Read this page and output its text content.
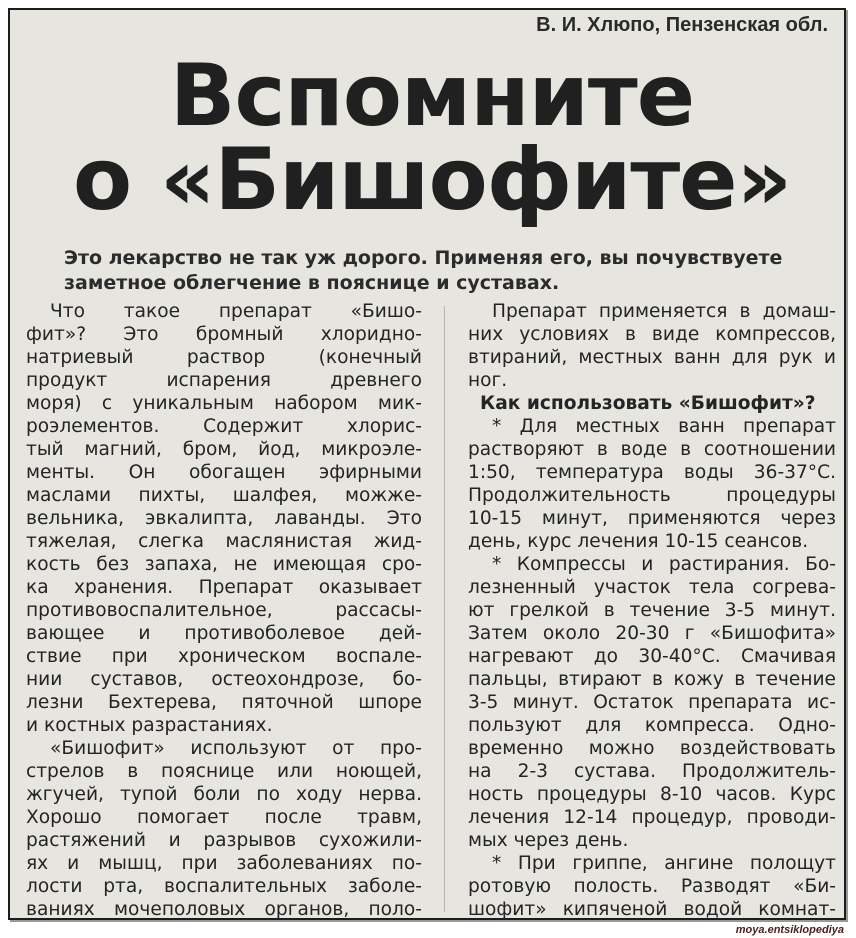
В. И. Хлюпо, Пензенская обл.
Вспомните
о «Бишофите»

Это лекарство не так уж дорого. Применяя его, вы почувствуете
заметное облегчение в пояснице и суставах.

Что такое препарат «Бишо-
фит»? Это бромный хлоридно-
натриевый раствор (конечный
продукт испарения древнего
моря) с уникальным набором мик-
роэлементов. Содержит хлорис-
тый магний, бром, йод, микроэле-
менты. Он обогащен эфирными
маслами пихты, шалфея, можже-
вельника, эвкалипта, лаванды. Это
тяжелая, слегка маслянистая жид-
кость без запаха, не имеющая сро-
ка хранения. Препарат оказывает
противовоспалительное, рассасы-
вающее и противоболевое дей-
ствие при хроническом воспале-
нии суставов, остеохондрозе, бо-
лезни Бехтерева, пяточной шпоре
и костных разрастаниях.
«Бишофит» используют от про-
стрелов в пояснице или ноющей,
жгучей, тупой боли по ходу нерва.
Хорошо помогает после травм,
растяжений и разрывов сухожили-
ях и мышц, при заболеваниях по-
лости рта, воспалительных заболе-
ваниях мочеполовых органов, поло-
Препарат применяется в домаш-
них условиях в виде компрессов,
втираний, местных ванн для рук и
ног.
Как использовать «Бишофит»?
* Для местных ванн препарат
растворяют в воде в соотношении
1:50, температура воды 36-37°С.
Продолжительность процедуры
10-15 минут, применяются через
день, курс лечения 10-15 сеансов.
* Компрессы и растирания. Бо-
лезненный участок тела согрева-
ют грелкой в течение 3-5 минут.
Затем около 20-30 г «Бишофита»
нагревают до 30-40°С. Смачивая
пальцы, втирают в кожу в течение
3-5 минут. Остаток препарата ис-
пользуют для компресса. Одно-
временно можно воздействовать
на 2-3 сустава. Продолжитель-
ность процедуры 8-10 часов. Курс
лечения 12-14 процедур, проводи-
мых через день.
* При гриппе, ангине полощут
ротовую полость. Разводят «Би-
шофит» кипяченой водой комнат-
moya.entsiklopediya
